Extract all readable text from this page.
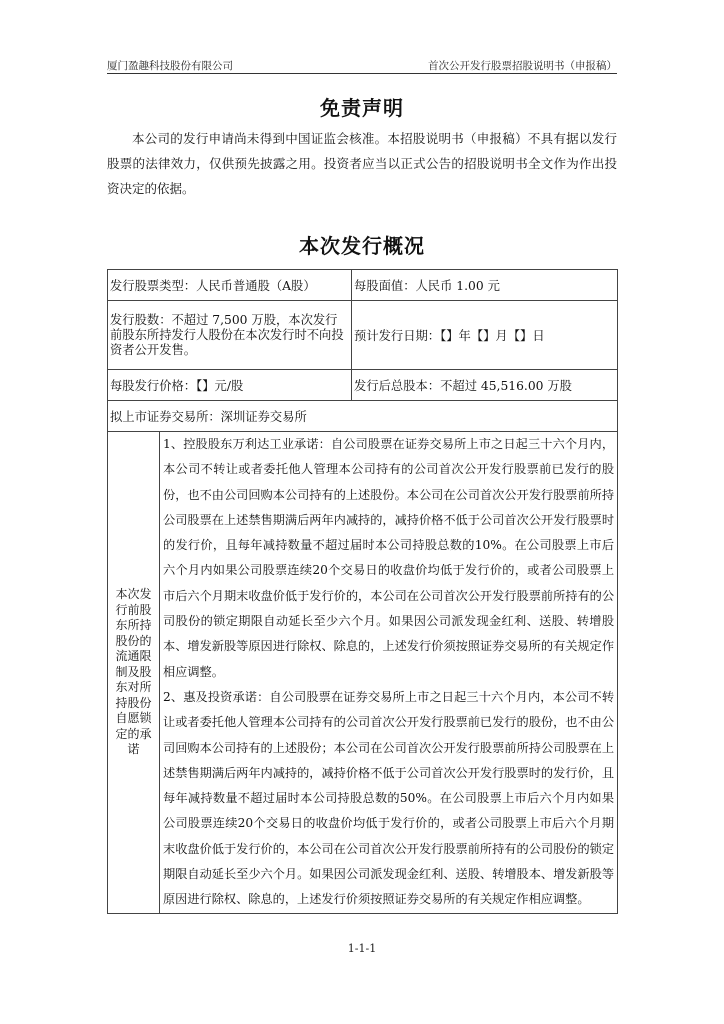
厦门盈趣科技股份有限公司	首次公开发行股票招股说明书（申报稿）
免责声明
本公司的发行申请尚未得到中国证监会核准。本招股说明书（申报稿）不具有据以发行股票的法律效力，仅供预先披露之用。投资者应当以正式公告的招股说明书全文作为作出投资决定的依据。
本次发行概况
发行股票类型：人民币普通股（A股）		每股面值：人民币 1.00 元
发行股数：不超过 7,500 万股，本次发行前股东所持发行人股份在本次发行时不向投资者公开发售。		预计发行日期：【】年【】月【】日
每股发行价格：【】元/股		发行后总股本：不超过 45,516.00 万股
拟上市证券交易所：深圳证券交易所		
本次发行前股东所持股份的流通限制及股东对所持股份自愿锁定的承诺	1、控股股东万利达工业承诺：自公司股票在证券交易所上市之日起三十六个月内，本公司不转让或者委托他人管理本公司持有的公司首次公开发行股票前已发行的股份，也不由公司回购本公司持有的上述股份。本公司在公司首次公开发行股票前所持公司股票在上述禁售期满后两年内减持的，减持价格不低于公司首次公开发行股票时的发行价，且每年减持数量不超过届时本公司持股总数的10%。在公司股票上市后六个月内如果公司股票连续20个交易日的收盘价均低于发行价的，或者公司股票上市后六个月期末收盘价低于发行价的，本公司在公司首次公开发行股票前所持有的公司股份的锁定期限自动延长至少六个月。如果因公司派发现金红利、送股、转增股本、增发新股等原因进行除权、除息的，上述发行价须按照证券交易所的有关规定作相应调整。
2、惠及投资承诺：自公司股票在证券交易所上市之日起三十六个月内，本公司不转让或者委托他人管理本公司持有的公司首次公开发行股票前已发行的股份，也不由公司回购本公司持有的上述股份；本公司在公司首次公开发行股票前所持公司股票在上述禁售期满后两年内减持的，减持价格不低于公司首次公开发行股票时的发行价，且每年减持数量不超过届时本公司持股总数的50%。在公司股票上市后六个月内如果公司股票连续20个交易日的收盘价均低于发行价的，或者公司股票上市后六个月期末收盘价低于发行价的，本公司在公司首次公开发行股票前所持有的公司股份的锁定期限自动延长至少六个月。如果因公司派发现金红利、送股、转增股本、增发新股等原因进行除权、除息的，上述发行价须按照证券交易所的有关规定作相应调整。	
1-1-1
